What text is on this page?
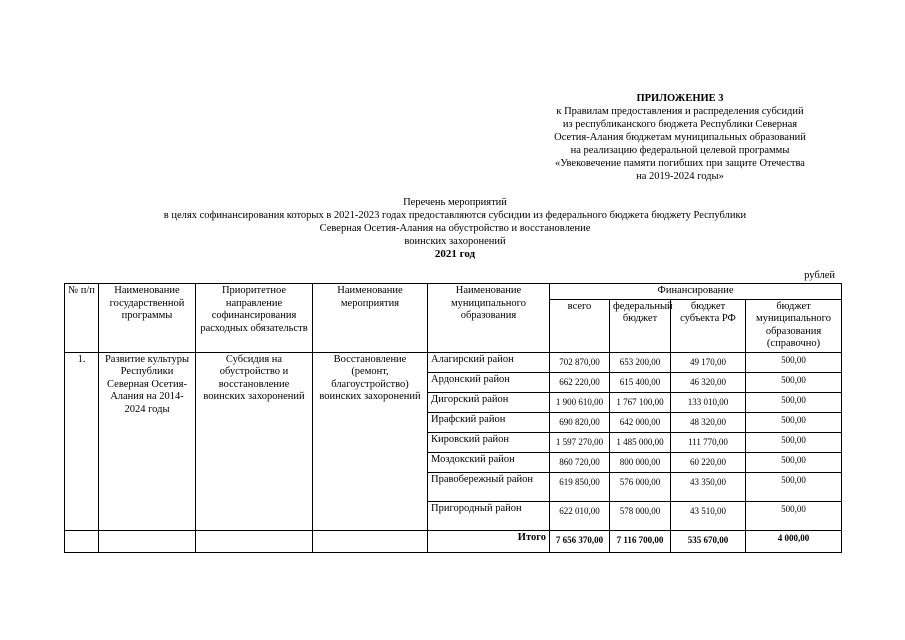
ПРИЛОЖЕНИЕ 3
к Правилам предоставления и распределения субсидий
из республиканского бюджета Республики Северная
Осетия-Алания бюджетам муниципальных образований
на реализацию федеральной целевой программы
«Увековечение памяти погибших при защите Отечества
на 2019-2024 годы»
Перечень мероприятий
в целях софинансирования которых в 2021-2023 годах предоставляются субсидии из федерального бюджета бюджету Республики
Северная Осетия-Алания на обустройство и восстановление
воинских захоронений
2021 год
рублей
№ п/п	Наименование государственной программы	Приоритетное направление софинансирования расходных обязательств	Наименование мероприятия	Наименование муниципального образования	Финансирование			
					всего	федеральный бюджет	бюджет субъекта РФ	бюджет муниципального образования (справочно)
1.	Развитие культуры Республики Северная Осетия-Алания на 2014-2024 годы	Субсидия на обустройство и восстановление воинских захоронений	Восстановление (ремонт, благоустройство) воинских захоронений	Алагирский район	702 870,00	653 200,00	49 170,00	500,00
				Ардонский район	662 220,00	615 400,00	46 320,00	500,00
				Дигорский район	1 900 610,00	1 767 100,00	133 010,00	500,00
				Ирафский район	690 820,00	642 000,00	48 320,00	500,00
				Кировский район	1 597 270,00	1 485 000,00	111 770,00	500,00
				Моздокский район	860 720,00	800 000,00	60 220,00	500,00
				Правобережный район	619 850,00	576 000,00	43 350,00	500,00
				Пригородный район	622 010,00	578 000,00	43 510,00	500,00
				Итого	7 656 370,00	7 116 700,00	535 670,00	4 000,00
